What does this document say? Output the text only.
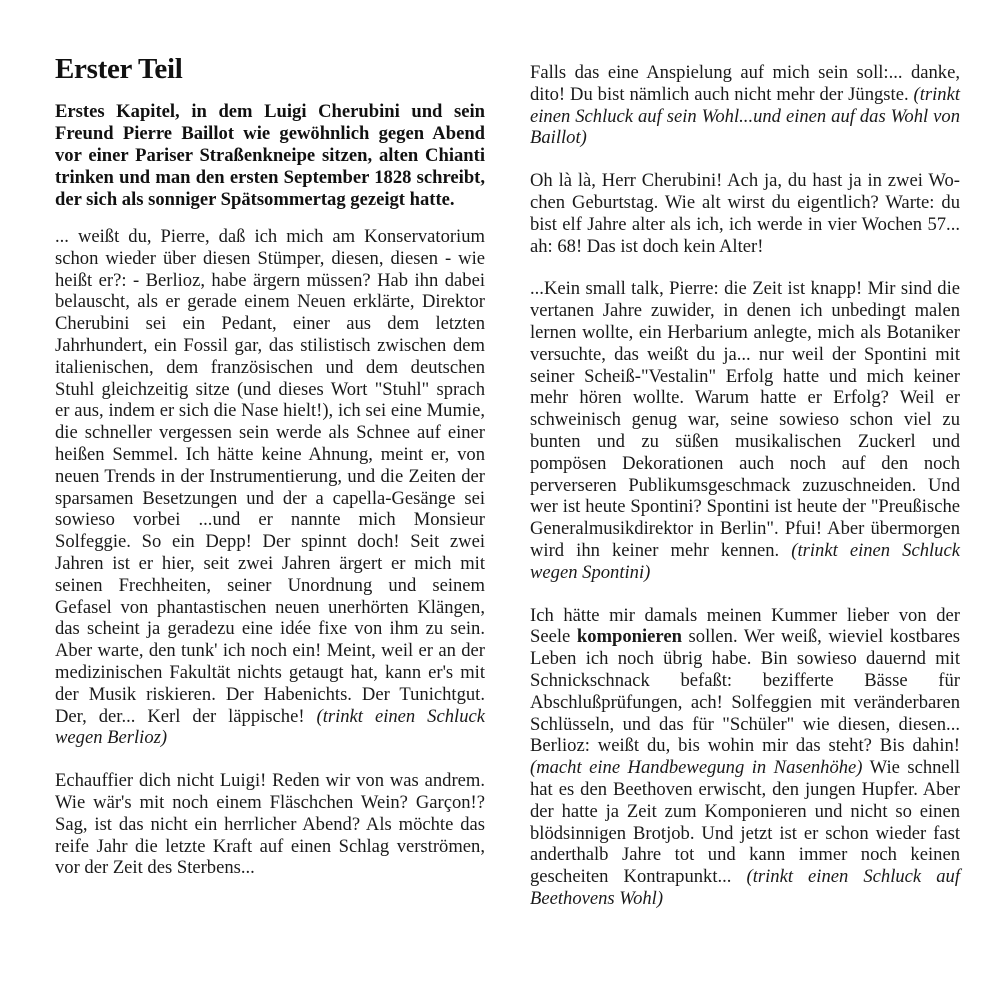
Erster Teil

Erstes Kapitel, in dem Luigi Cherubini und sein Freund Pierre Baillot wie gewöhnlich gegen Abend vor einer Pariser Straßenkneipe sitzen, alten Chianti trinken und man den ersten September 1828 schreibt, der sich als sonniger Spätsommertag gezeigt hatte.

... weißt du, Pierre, daß ich mich am Konservatorium schon wieder über diesen Stümper, diesen, diesen - wie heißt er?: - Berlioz, habe ärgern müssen? Hab ihn dabei belauscht, als er gerade einem Neuen erklärte, Direktor Cherubini sei ein Pedant, einer aus dem letzten Jahrhundert, ein Fossil gar, das stilistisch zwischen dem italienischen, dem französischen und dem deutschen Stuhl gleichzeitig sitze (und dieses Wort "Stuhl" sprach er aus, indem er sich die Nase hielt!), ich sei eine Mumie, die schneller vergessen sein werde als Schnee auf einer heißen Semmel. Ich hätte keine Ahnung, meint er, von neuen Trends in der Instrumentierung, und die Zeiten der sparsamen Besetzungen und der a capella-Gesänge sei sowieso vorbei ...und er nannte mich Monsieur Solfeggie. So ein Depp! Der spinnt doch! Seit zwei Jahren ist er hier, seit zwei Jahren ärgert er mich mit seinen Frechheiten, seiner Unordnung und seinem Gefasel von phantastischen neuen unerhörten Klängen, das scheint ja geradezu eine idée fixe von ihm zu sein. Aber warte, den tunk' ich noch ein! Meint, weil er an der medizinischen Fakultät nichts getaugt hat, kann er's mit der Musik riskieren. Der Habenichts. Der Tunichtgut. Der, der... Kerl der läppische! (trinkt einen Schluck wegen Berlioz)

Echauffier dich nicht Luigi! Reden wir von was andrem. Wie wär's mit noch einem Fläschchen Wein? Garçon!? Sag, ist das nicht ein herrlicher Abend? Als möchte das reife Jahr die letzte Kraft auf einen Schlag verströmen, vor der Zeit des Sterbens...

Falls das eine Anspielung auf mich sein soll:... danke, dito! Du bist nämlich auch nicht mehr der Jüngste. (trinkt einen Schluck auf sein Wohl...und einen auf das Wohl von Baillot)

Oh là là, Herr Cherubini! Ach ja, du hast ja in zwei Wochen Geburtstag. Wie alt wirst du eigentlich? Warte: du bist elf Jahre alter als ich, ich werde in vier Wochen 57... ah: 68! Das ist doch kein Alter!

...Kein small talk, Pierre: die Zeit ist knapp! Mir sind die vertanen Jahre zuwider, in denen ich unbedingt malen lernen wollte, ein Herbarium anlegte, mich als Botaniker versuchte, das weißt du ja... nur weil der Spontini mit seiner Scheiß-"Vestalin" Erfolg hatte und mich keiner mehr hören wollte. Warum hatte er Erfolg? Weil er schweinisch genug war, seine sowieso schon viel zu bunten und zu süßen musikalischen Zuckerl und pompösen Dekorationen auch noch auf den noch perverseren Publikumsgeschmack zuzuschneiden. Und wer ist heute Spontini? Spontini ist heute der "Preußische Generalmusikdirektor in Berlin". Pfui! Aber übermorgen wird ihn keiner mehr kennen. (trinkt einen Schluck wegen Spontini)

Ich hätte mir damals meinen Kummer lieber von der Seele komponieren sollen. Wer weiß, wieviel kostbares Leben ich noch übrig habe. Bin sowieso dauernd mit Schnickschnack befaßt: bezifferte Bässe für Abschlußprüfungen, ach! Solfeggien mit veränderbaren Schlüsseln, und das für "Schüler" wie diesen, diesen... Berlioz: weißt du, bis wohin mir das steht? Bis dahin! (macht eine Handbewegung in Nasenhöhe) Wie schnell hat es den Beethoven erwischt, den jungen Hupfer. Aber der hatte ja Zeit zum Komponieren und nicht so einen blödsinnigen Brotjob. Und jetzt ist er schon wieder fast anderthalb Jahre tot und kann immer noch keinen gescheiten Kontrapunkt... (trinkt einen Schluck auf Beethovens Wohl)
